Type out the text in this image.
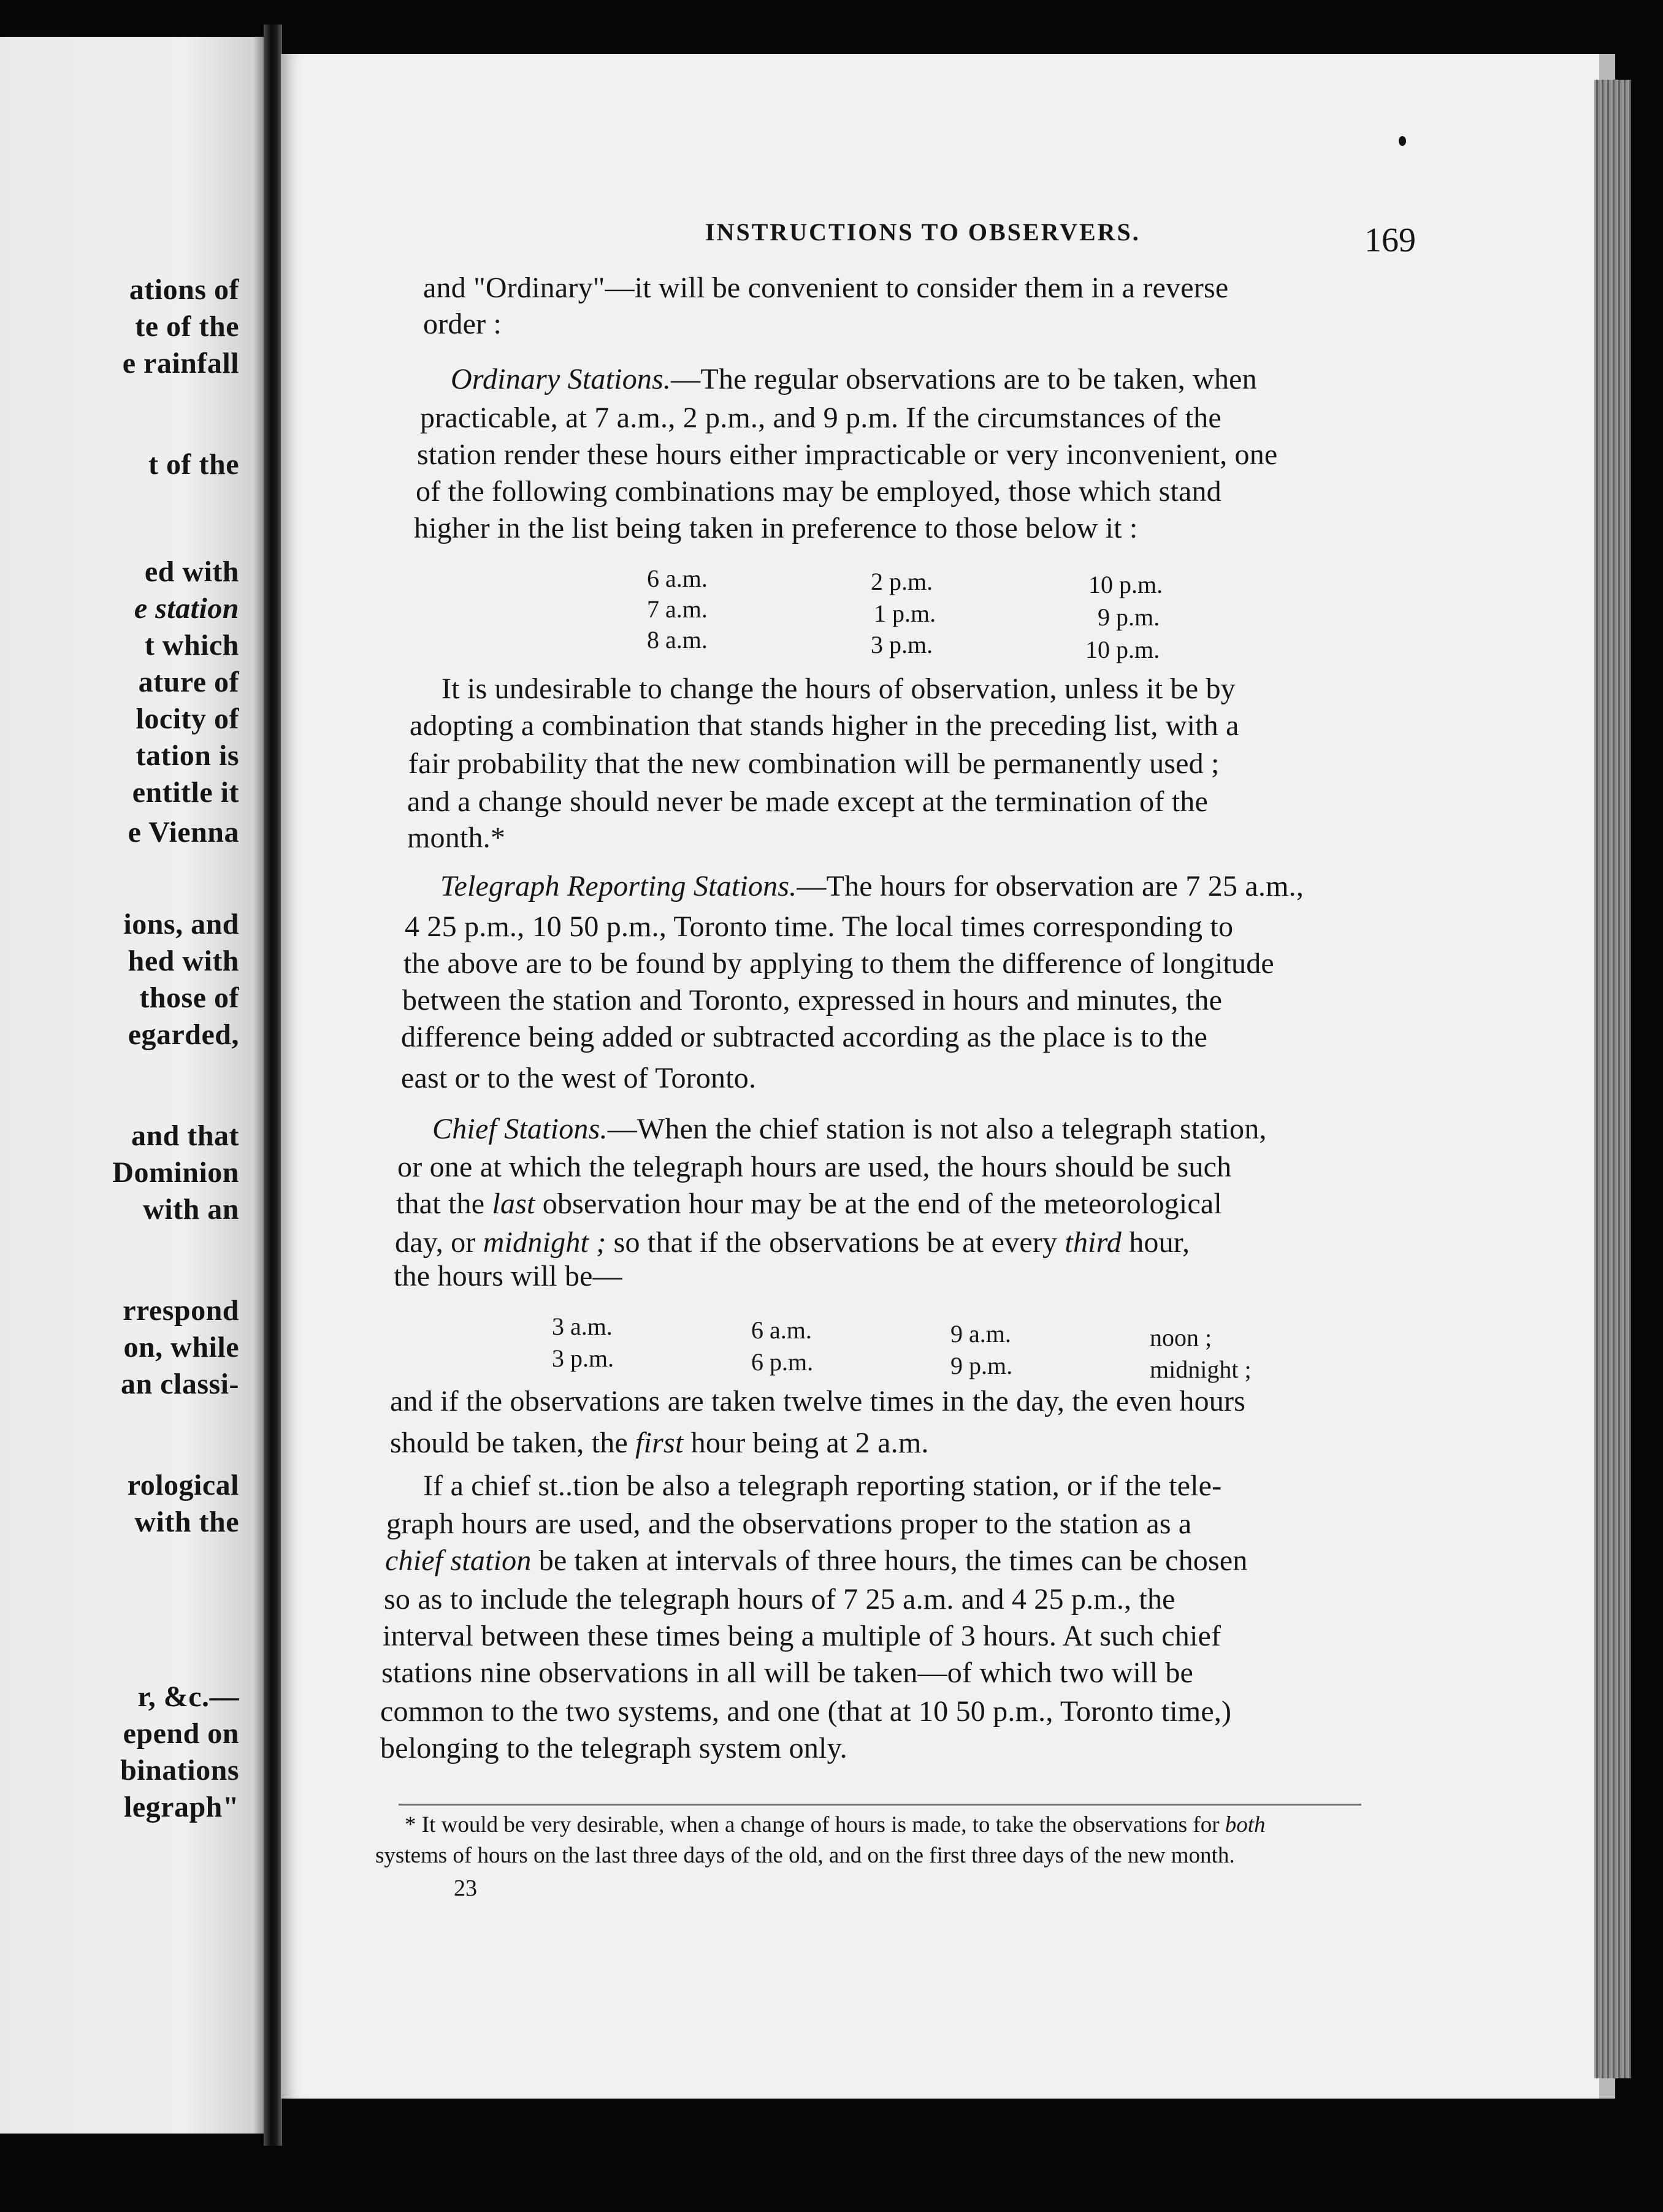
ations of
te of the
e rainfall
t of the
ed with
e station
t which
ature of
locity of
tation is
entitle it
e Vienna
ions, and
hed with
those of
egarded,
and that
Dominion
with an
rrespond
on, while
an classi-
rological
with the
r, &c.—
epend on
binations
legraph"
INSTRUCTIONS TO OBSERVERS.	169
and "Ordinary"—it will be convenient to consider them in a reverse
order :
Ordinary Stations.—The regular observations are to be taken, when
practicable, at 7 a.m., 2 p.m., and 9 p.m. If the circumstances of the
station render these hours either impracticable or very inconvenient, one
of the following combinations may be employed, those which stand
higher in the list being taken in preference to those below it :
6 a.m.	2 p.m.	10 p.m.
7 a.m.	1 p.m.	9 p.m.
8 a.m.	3 p.m.	10 p.m.
It is undesirable to change the hours of observation, unless it be by
adopting a combination that stands higher in the preceding list, with a
fair probability that the new combination will be permanently used ;
and a change should never be made except at the termination of the
month.*
Telegraph Reporting Stations.—The hours for observation are 7 25 a.m.,
4 25 p.m., 10 50 p.m., Toronto time. The local times corresponding to
the above are to be found by applying to them the difference of longitude
between the station and Toronto, expressed in hours and minutes, the
difference being added or subtracted according as the place is to the
east or to the west of Toronto.
Chief Stations.—When the chief station is not also a telegraph station,
or one at which the telegraph hours are used, the hours should be such
that the last observation hour may be at the end of the meteorological
day, or midnight ; so that if the observations be at every third hour,
the hours will be—
3 a.m.	6 a.m.	9 a.m.	noon ;
3 p.m.	6 p.m.	9 p.m.	midnight ;
and if the observations are taken twelve times in the day, the even hours
should be taken, the first hour being at 2 a.m.
If a chief st..tion be also a telegraph reporting station, or if the tele-
graph hours are used, and the observations proper to the station as a
chief station be taken at intervals of three hours, the times can be chosen
so as to include the telegraph hours of 7 25 a.m. and 4 25 p.m., the
interval between these times being a multiple of 3 hours. At such chief
stations nine observations in all will be taken—of which two will be
common to the two systems, and one (that at 10 50 p.m., Toronto time,)
belonging to the telegraph system only.
* It would be very desirable, when a change of hours is made, to take the observations for both
systems of hours on the last three days of the old, and on the first three days of the new month.
23
